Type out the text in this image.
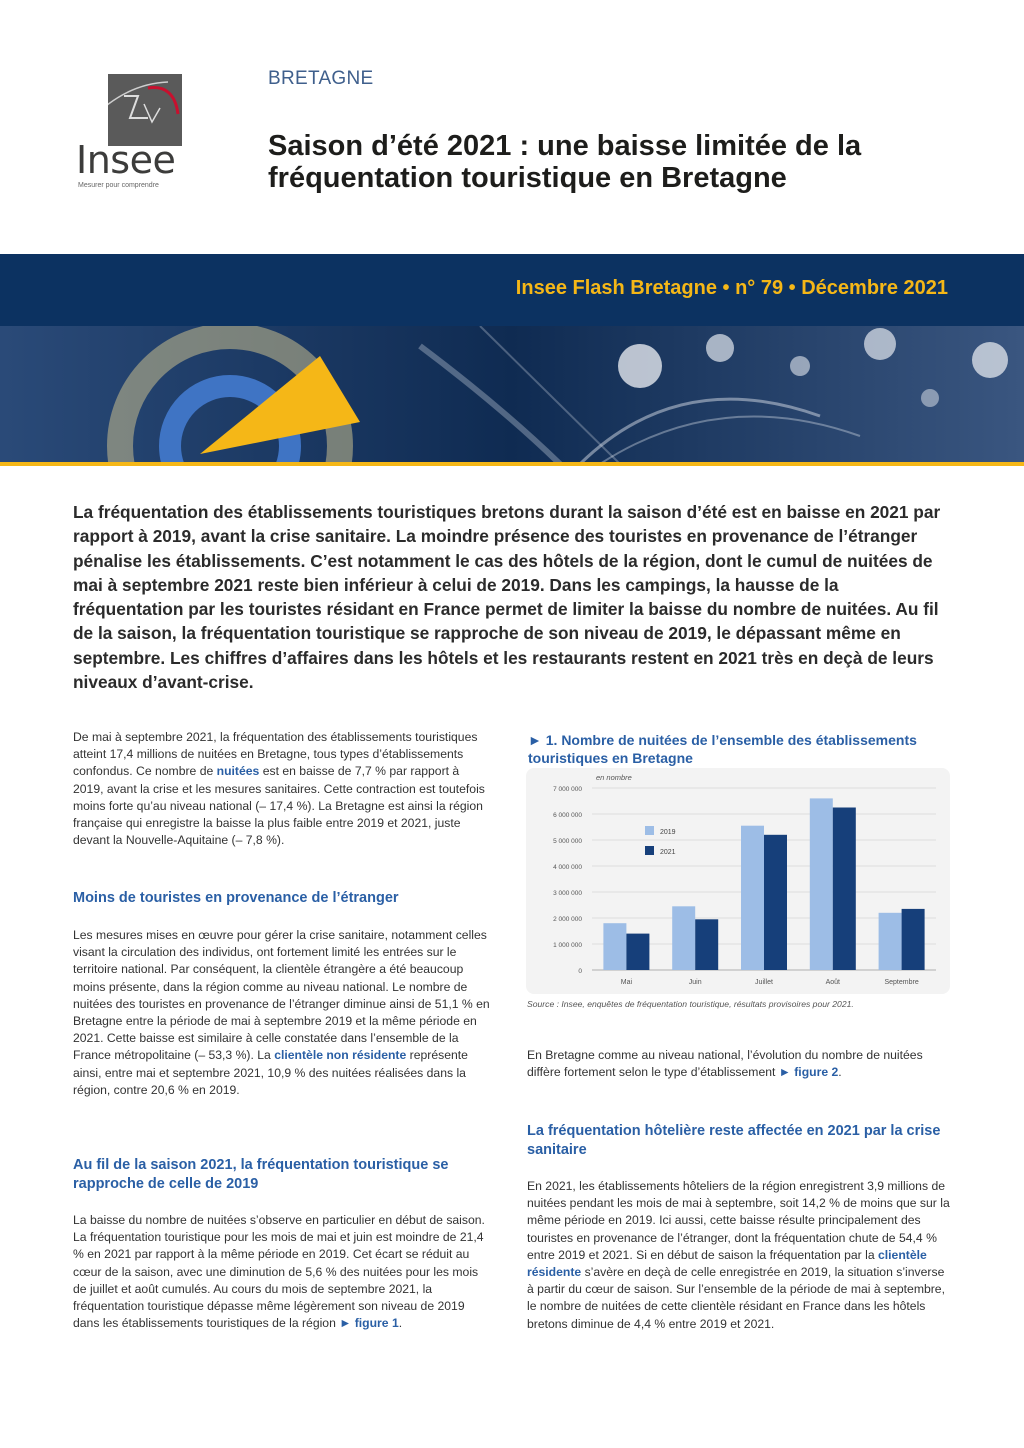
Insee
Mesurer pour comprendre
BRETAGNE
Saison d’été 2021 : une baisse limitée de la fréquentation touristique en Bretagne
Insee Flash Bretagne • n° 79 • Décembre 2021
La fréquentation des établissements touristiques bretons durant la saison d’été est en baisse en 2021 par rapport à 2019, avant la crise sanitaire. La moindre présence des touristes en provenance de l’étranger pénalise les établissements. C’est notamment le cas des hôtels de la région, dont le cumul de nuitées de mai à septembre 2021 reste bien inférieur à celui de 2019. Dans les campings, la hausse de la fréquentation par les touristes résidant en France permet de limiter la baisse du nombre de nuitées. Au fil de la saison, la fréquentation touristique se rapproche de son niveau de 2019, le dépassant même en septembre. Les chiffres d’affaires dans les hôtels et les restaurants restent en 2021 très en deçà de leurs niveaux d’avant-crise.

De mai à septembre 2021, la fréquentation des établissements touristiques atteint 17,4 millions de nuitées en Bretagne, tous types d’établissements confondus. Ce nombre de nuitées est en baisse de 7,7 % par rapport à 2019, avant la crise et les mesures sanitaires. Cette contraction est toutefois moins forte qu’au niveau national (– 17,4 %). La Bretagne est ainsi la région française qui enregistre la baisse la plus faible entre 2019 et 2021, juste devant la Nouvelle-Aquitaine (– 7,8 %).

Moins de touristes en provenance de l’étranger

Les mesures mises en œuvre pour gérer la crise sanitaire, notamment celles visant la circulation des individus, ont fortement limité les entrées sur le territoire national. Par conséquent, la clientèle étrangère a été beaucoup moins présente, dans la région comme au niveau national. Le nombre de nuitées des touristes en provenance de l’étranger diminue ainsi de 51,1 % en Bretagne entre la période de mai à septembre 2019 et la même période en 2021. Cette baisse est similaire à celle constatée dans l’ensemble de la France métropolitaine (– 53,3 %). La clientèle non résidente représente ainsi, entre mai et septembre 2021, 10,9 % des nuitées réalisées dans la région, contre 20,6 % en 2019.

Au fil de la saison 2021, la fréquentation touristique se rapproche de celle de 2019

La baisse du nombre de nuitées s’observe en particulier en début de saison. La fréquentation touristique pour les mois de mai et juin est moindre de 21,4 % en 2021 par rapport à la même période en 2019. Cet écart se réduit au cœur de la saison, avec une diminution de 5,6 % des nuitées pour les mois de juillet et août cumulés. Au cours du mois de septembre 2021, la fréquentation touristique dépasse même légèrement son niveau de 2019 dans les établissements touristiques de la région ► figure 1.

► 1. Nombre de nuitées de l’ensemble des établissements touristiques en Bretagne
en nombre
0
1 000 000
2 000 000
3 000 000
4 000 000
5 000 000
6 000 000
7 000 000
Mai	Juin	Juillet	Août	Septembre
2019
2021
Source : Insee, enquêtes de fréquentation touristique, résultats provisoires pour 2021.

En Bretagne comme au niveau national, l’évolution du nombre de nuitées diffère fortement selon le type d’établissement ► figure 2.

La fréquentation hôtelière reste affectée en 2021 par la crise sanitaire

En 2021, les établissements hôteliers de la région enregistrent 3,9 millions de nuitées pendant les mois de mai à septembre, soit 14,2 % de moins que sur la même période en 2019. Ici aussi, cette baisse résulte principalement des touristes en provenance de l’étranger, dont la fréquentation chute de 54,4 % entre 2019 et 2021. Si en début de saison la fréquentation par la clientèle résidente s’avère en deçà de celle enregistrée en 2019, la situation s’inverse à partir du cœur de saison. Sur l’ensemble de la période de mai à septembre, le nombre de nuitées de cette clientèle résidant en France dans les hôtels bretons diminue de 4,4 % entre 2019 et 2021.
